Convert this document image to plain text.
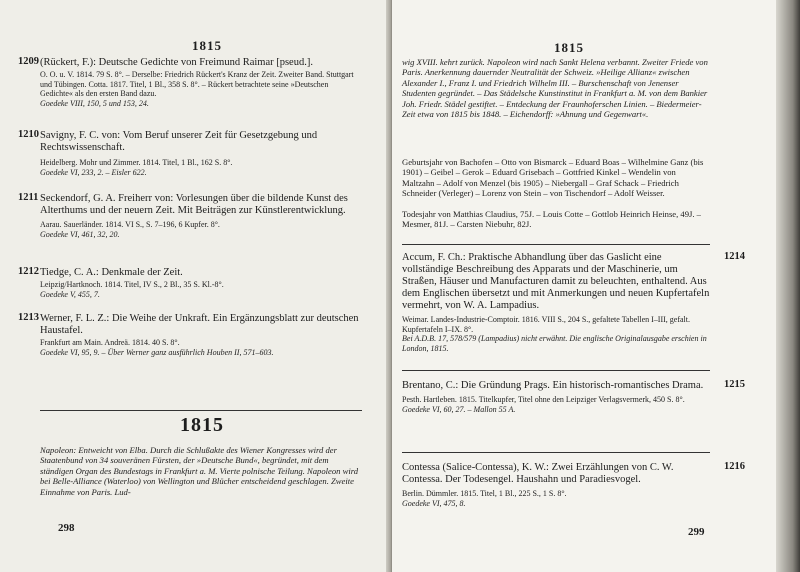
1815
1209 (Rückert, F.): Deutsche Gedichte von Freimund Raimar [pseud.].
O. O. u. V. 1814. 79 S. 8°. – Derselbe: Friedrich Rückert's Kranz der Zeit. Zweiter Band. Stuttgart und Tübingen. Cotta. 1817. Titel, 1 Bl., 358 S. 8°. – Rückert betrachtete seine »Deutschen Gedichte« als den ersten Band dazu.
Goedeke VIII, 150, 5 und 153, 24.
1210 Savigny, F. C. von: Vom Beruf unserer Zeit für Gesetzgebung und Rechtswissenschaft.
Heidelberg. Mohr und Zimmer. 1814. Titel, 1 Bl., 162 S. 8°.
Goedeke VI, 233, 2. – Eisler 622.
1211 Seckendorf, G. A. Freiherr von: Vorlesungen über die bildende Kunst des Alterthums und der neuern Zeit. Mit Beiträgen zur Künstlerentwicklung.
Aarau. Sauerländer. 1814. VI S., S. 7–196, 6 Kupfer. 8°.
Goedeke VI, 461, 32, 20.
1212 Tiedge, C. A.: Denkmale der Zeit.
Leipzig/Hartknoch. 1814. Titel, IV S., 2 Bl., 35 S. Kl.-8°.
Goedeke V, 455, 7.
1213 Werner, F. L. Z.: Die Weihe der Unkraft. Ein Ergänzungsblatt zur deutschen Haustafel.
Frankfurt am Main. Andreä. 1814. 40 S. 8°.
Goedeke VI, 95, 9. – Über Werner ganz ausführlich Houben II, 571–603.
1815
Napoleon: Entweicht von Elba. Durch die Schlußakte des Wiener Kongresses wird der Staatenbund von 34 souveränen Fürsten, der »Deutsche Bund«, begründet, mit dem ständigen Organ des Bundestags in Frankfurt a. M. Vierte polnische Teilung. Napoleon wird bei Belle-Alliance (Waterloo) von Wellington und Blücher entscheidend geschlagen. Zweite Einnahme von Paris. Lud-
298
1815
wig XVIII. kehrt zurück. Napoleon wird nach Sankt Helena verbannt. Zweiter Friede von Paris. Anerkennung dauernder Neutralität der Schweiz. »Heilige Allianz« zwischen Alexander I., Franz I. und Friedrich Wilhelm III. – Burschenschaft von Jenenser Studenten gegründet. – Das Städelsche Kunstinstitut in Frankfurt a. M. von dem Bankier Joh. Friedr. Städel gestiftet. – Entdeckung der Fraunhoferschen Linien. – Biedermeier-Zeit etwa von 1815 bis 1848. – Eichendorff: »Ahnung und Gegenwart«.
Geburtsjahr von Bachofen – Otto von Bismarck – Eduard Boas – Wilhelmine Ganz (bis 1901) – Geibel – Gerok – Eduard Grisebach – Gottfried Kinkel – Wendelin von Maltzahn – Adolf von Menzel (bis 1905) – Niebergall – Graf Schack – Friedrich Schneider (Verleger) – Lorenz von Stein – von Tischendorf – Adolf Weisser.
Todesjahr von Matthias Claudius, 75J. – Louis Cotte – Gottlob Heinrich Heinse, 49J. – Mesmer, 81J. – Carsten Niebuhr, 82J.
1214
Accum, F. Ch.: Praktische Abhandlung über das Gaslicht eine vollständige Beschreibung des Apparats und der Maschinerie, um Straßen, Häuser und Manufacturen damit zu beleuchten, enthaltend. Aus dem Englischen übersetzt und mit Anmerkungen und neuen Kupfertafeln vermehrt, von W. A. Lampadius.
Weimar. Landes-Industrie-Comptoir. 1816. VIII S., 204 S., gefaltete Tabellen I–III, gefalt. Kupfertafeln I–IX. 8°.
Bei A.D.B. 17, 578/579 (Lampadius) nicht erwähnt. Die englische Originalausgabe erschien in London, 1815.
1215
Brentano, C.: Die Gründung Prags. Ein historisch-romantisches Drama.
Pesth. Hartleben. 1815. Titelkupfer, Titel ohne den Leipziger Verlagsvermerk, 450 S. 8°.
Goedeke VI, 60, 27. – Mallon 55 A.
1216
Contessa (Salice-Contessa), K. W.: Zwei Erzählungen von C. W. Contessa. Der Todesengel. Haushahn und Paradiesvogel.
Berlin. Dümmler. 1815. Titel, 1 Bl., 225 S., 1 S. 8°.
Goedeke VI, 475, 8.
299
